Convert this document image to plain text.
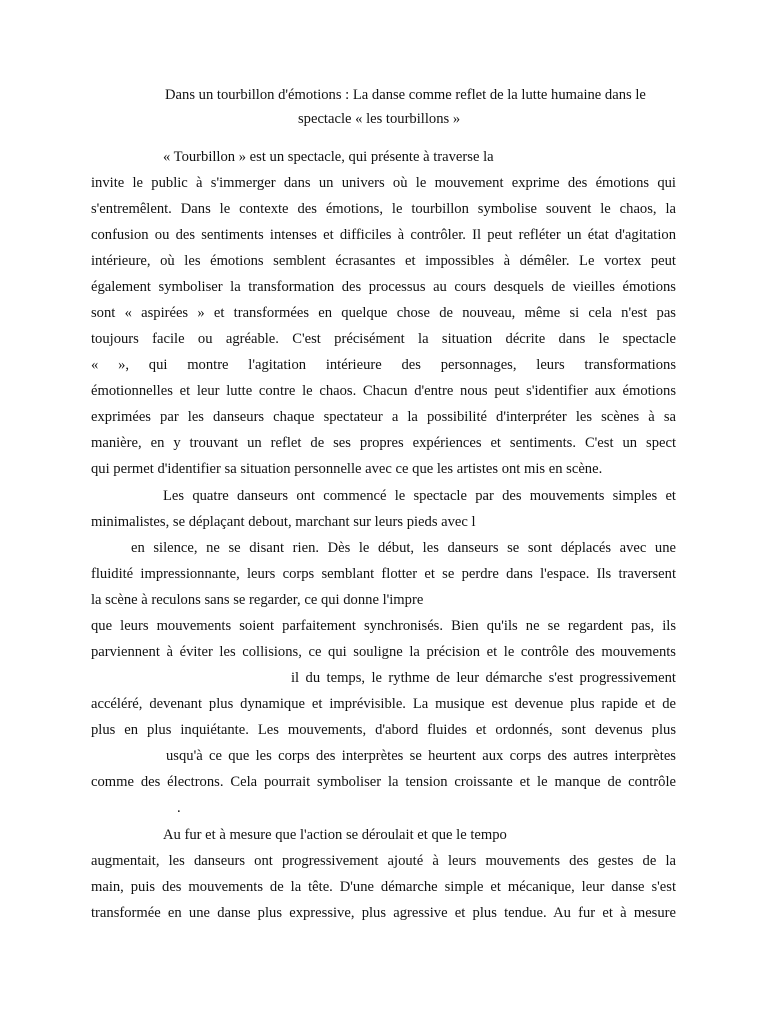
Dans un tourbillon d'émotions : La danse comme reflet de la lutte humaine dans le
spectacle « les tourbillons »
« Tourbillon » est un spectacle, qui présente à traverse la
invite le public à s'immerger dans un univers où le mouvement exprime des émotions qui
s'entremêlent. Dans le contexte des émotions, le tourbillon symbolise souvent le chaos, la
confusion ou des sentiments intenses et difficiles à contrôler. Il peut refléter un état d'agitation
intérieure, où les émotions semblent écrasantes et impossibles à démêler. Le vortex peut
également symboliser la transformation des processus au cours desquels de vieilles émotions
sont « aspirées » et transformées en quelque chose de nouveau, même si cela n'est pas
toujours facile ou agréable. C'est précisément la situation décrite dans le spectacle
« », qui montre l'agitation intérieure des personnages, leurs transformations
émotionnelles et leur lutte contre le chaos. Chacun d'entre nous peut s'identifier aux émotions
exprimées par les danseurs chaque spectateur a la possibilité d'interpréter les scènes à sa
manière, en y trouvant un reflet de ses propres expériences et sentiments. C'est un spect
qui permet d'identifier sa situation personnelle avec ce que les artistes ont mis en scène.
Les quatre danseurs ont commencé le spectacle par des mouvements simples et
minimalistes, se déplaçant debout, marchant sur leurs pieds avec l
en silence, ne se disant rien. Dès le début, les danseurs se sont déplacés avec une
fluidité impressionnante, leurs corps semblant flotter et se perdre dans l'espace. Ils traversent
la scène à reculons sans se regarder, ce qui donne l'impre
que leurs mouvements soient parfaitement synchronisés. Bien qu'ils ne se regardent pas, ils
parviennent à éviter les collisions, ce qui souligne la précision et le contrôle des mouvements
il du temps, le rythme de leur démarche s'est progressivement
accéléré, devenant plus dynamique et imprévisible. La musique est devenue plus rapide et de
plus en plus inquiétante. Les mouvements, d'abord fluides et ordonnés, sont devenus plus
usqu'à ce que les corps des interprètes se heurtent aux corps des autres interprètes
comme des électrons. Cela pourrait symboliser la tension croissante et le manque de contrôle
.
Au fur et à mesure que l'action se déroulait et que le tempo
augmentait, les danseurs ont progressivement ajouté à leurs mouvements des gestes de la
main, puis des mouvements de la tête. D'une démarche simple et mécanique, leur danse s'est
transformée en une danse plus expressive, plus agressive et plus tendue. Au fur et à mesure
